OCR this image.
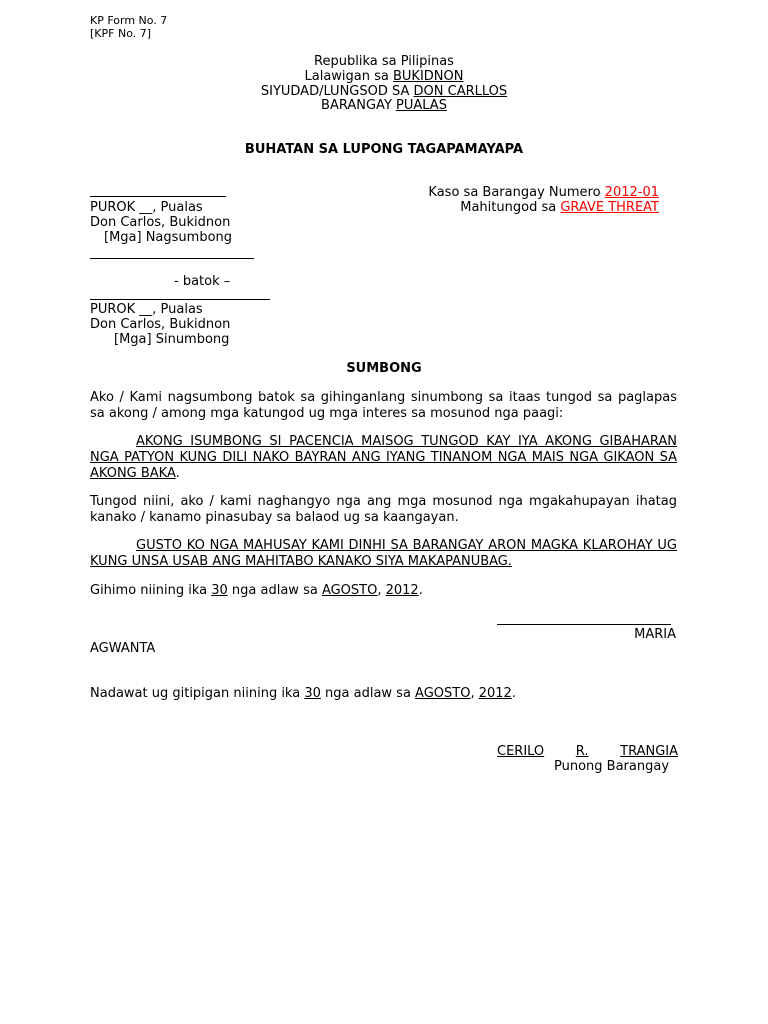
KP Form No. 7
[KPF No. 7]
Republika sa Pilipinas
Lalawigan sa BUKIDNON
SIYUDAD/LUNGSOD SA DON CARLLOS
BARANGAY PUALAS
BUHATAN SA LUPONG TAGAPAMAYAPA
PUROK __, Pualas
Don Carlos, Bukidnon
[Mga] Nagsumbong
Kaso sa Barangay Numero 2012-01
Mahitungod sa GRAVE THREAT
- batok –
PUROK __, Pualas
Don Carlos, Bukidnon
[Mga] Sinumbong
SUMBONG
Ako / Kami nagsumbong batok sa gihinganlang sinumbong sa itaas tungod sa paglapas sa akong / among mga katungod ug mga interes sa mosunod nga paagi:
AKONG ISUMBONG SI PACENCIA MAISOG TUNGOD KAY IYA AKONG GIBAHARAN NGA PATYON KUNG DILI NAKO BAYRAN ANG IYANG TINANOM NGA MAIS NGA GIKAON SA AKONG BAKA.
Tungod niini, ako / kami naghangyo nga ang mga mosunod nga mgakahupayan ihatag kanako / kanamo pinasubay sa balaod ug sa kaangayan.
GUSTO KO NGA MAHUSAY KAMI DINHI SA BARANGAY ARON MAGKA KLAROHAY UG KUNG UNSA USAB ANG MAHITABO KANAKO SIYA MAKAPANUBAG.
Gihimo niining ika 30 nga adlaw sa AGOSTO, 2012.
MARIA
AGWANTA
Nadawat ug gitipigan niining ika 30 nga adlaw sa AGOSTO, 2012.
CERILO R. TRANGIA
Punong Barangay
